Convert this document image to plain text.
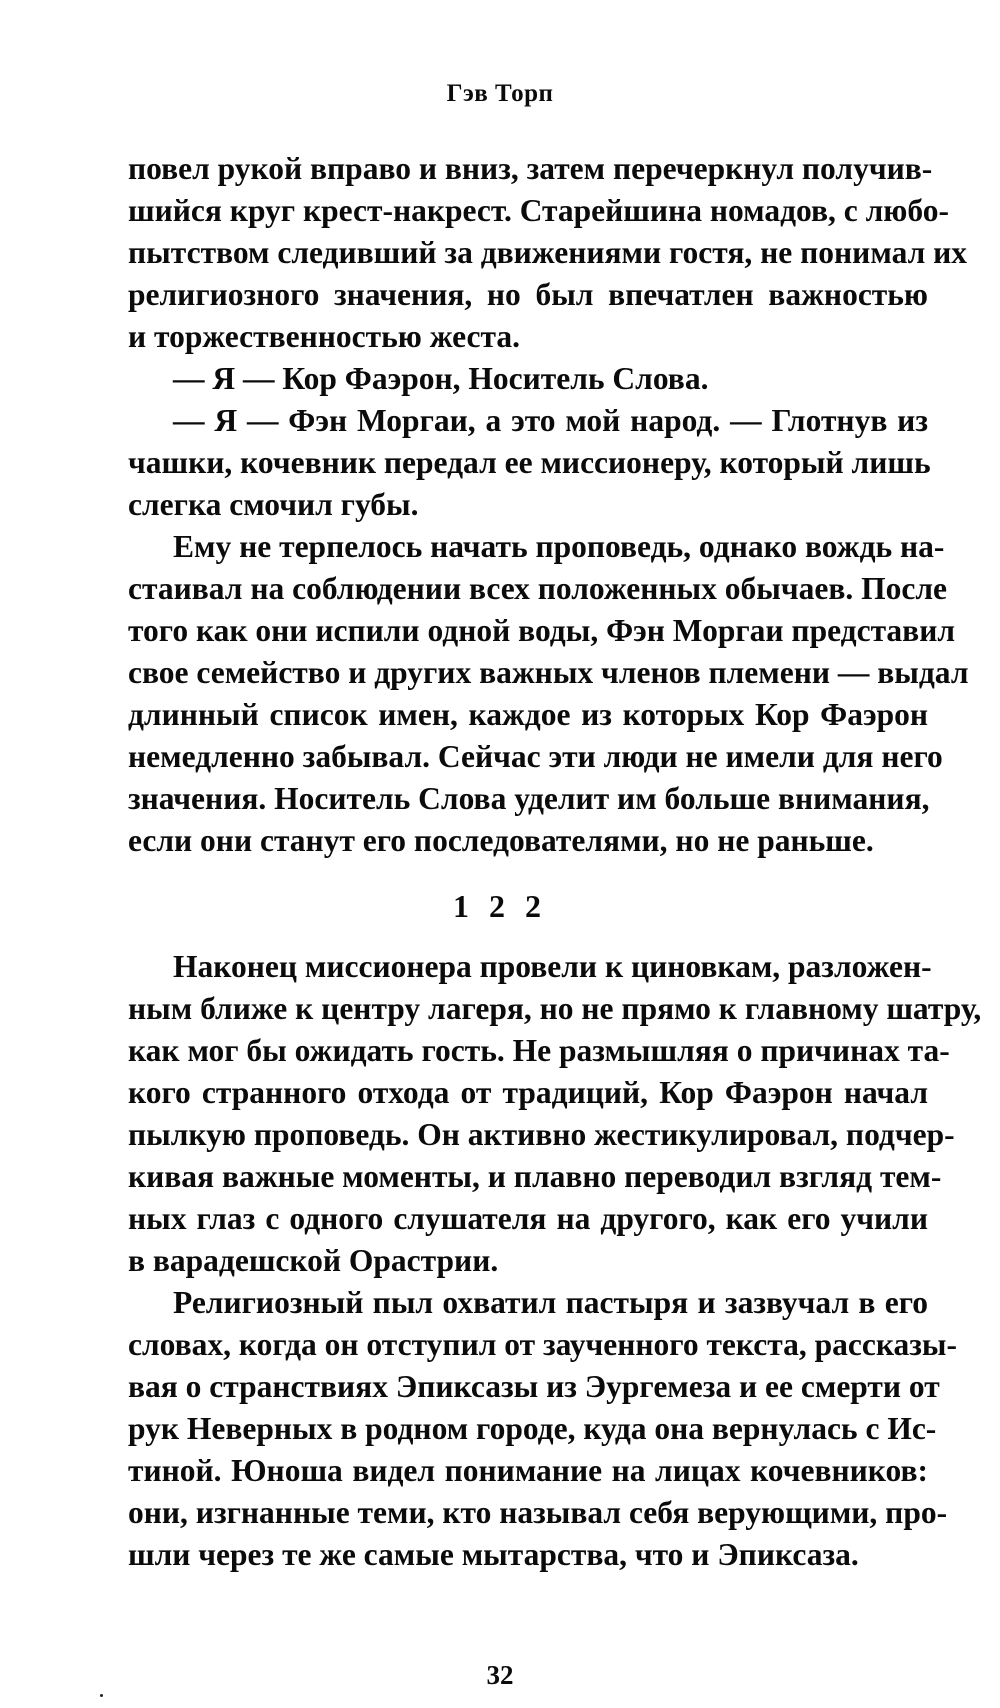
Гэв Торп
повел рукой вправо и вниз, затем перечеркнул получив-
шийся круг крест-накрест. Старейшина номадов, с любо-
пытством следивший за движениями гостя, не понимал их
религиозного значения, но был впечатлен важностью
и торжественностью жеста.
— Я — Кор Фаэрон, Носитель Слова.
— Я — Фэн Моргаи, а это мой народ. — Глотнув из
чашки, кочевник передал ее миссионеру, который лишь
слегка смочил губы.
Ему не терпелось начать проповедь, однако вождь на-
стаивал на соблюдении всех положенных обычаев. После
того как они испили одной воды, Фэн Моргаи представил
свое семейство и других важных членов племени — выдал
длинный список имен, каждое из которых Кор Фаэрон
немедленно забывал. Сейчас эти люди не имели для него
значения. Носитель Слова уделит им больше внимания,
если они станут его последователями, но не раньше.
1 2 2
Наконец миссионера провели к циновкам, разложен-
ным ближе к центру лагеря, но не прямо к главному шатру,
как мог бы ожидать гость. Не размышляя о причинах та-
кого странного отхода от традиций, Кор Фаэрон начал
пылкую проповедь. Он активно жестикулировал, подчер-
кивая важные моменты, и плавно переводил взгляд тем-
ных глаз с одного слушателя на другого, как его учили
в варадешской Орастрии.
Религиозный пыл охватил пастыря и зазвучал в его
словах, когда он отступил от заученного текста, рассказы-
вая о странствиях Эпиксазы из Эургемеза и ее смерти от
рук Неверных в родном городе, куда она вернулась с Ис-
тиной. Юноша видел понимание на лицах кочевников:
они, изгнанные теми, кто называл себя верующими, про-
шли через те же самые мытарства, что и Эпиксаза.
32
